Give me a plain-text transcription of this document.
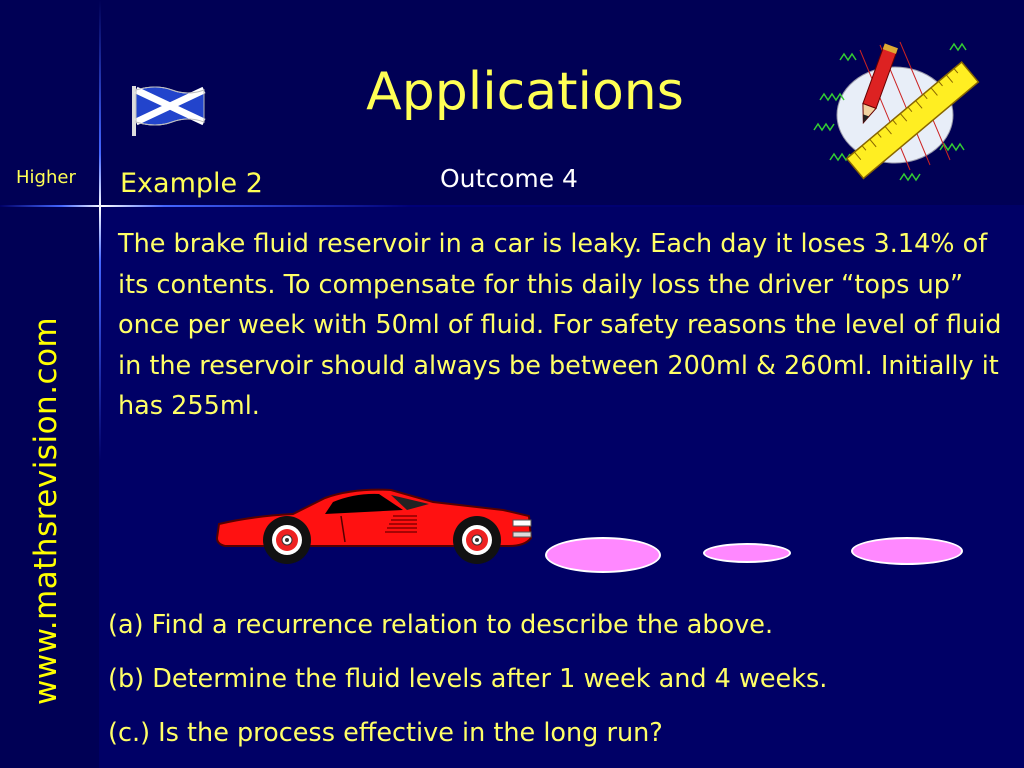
Applications
Outcome 4
Higher Example 2
www.mathsrevision.com

The brake fluid reservoir in a car is leaky. Each day it loses 3.14% of its contents. To compensate for this daily loss the driver “tops up” once per week with 50ml of fluid. For safety reasons the level of fluid in the reservoir should always be between 200ml & 260ml. Initially it has 255ml.

(a) Find a recurrence relation to describe the above.
(b) Determine the fluid levels after 1 week and 4 weeks.
(c.) Is the process effective in the long run?
